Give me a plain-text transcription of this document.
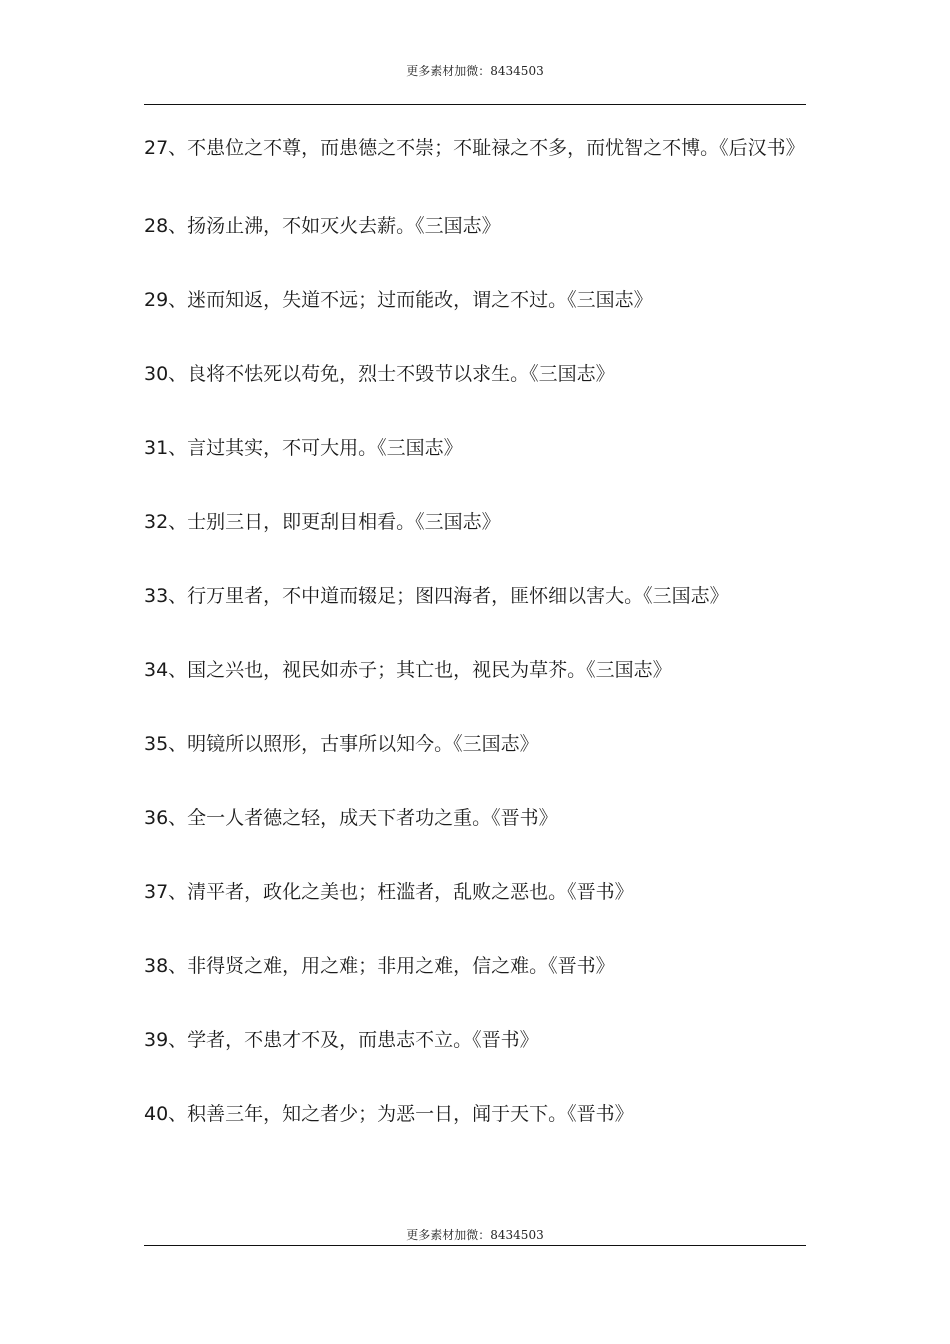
更多素材加微：8434503
27、不患位之不尊，而患德之不崇；不耻禄之不多，而忧智之不博。《后汉书》
28、扬汤止沸，不如灭火去薪。《三国志》
29、迷而知返，失道不远；过而能改，谓之不过。《三国志》
30、良将不怯死以苟免，烈士不毁节以求生。《三国志》
31、言过其实，不可大用。《三国志》
32、士别三日，即更刮目相看。《三国志》
33、行万里者，不中道而辍足；图四海者，匪怀细以害大。《三国志》
34、国之兴也，视民如赤子；其亡也，视民为草芥。《三国志》
35、明镜所以照形，古事所以知今。《三国志》
36、全一人者德之轻，成天下者功之重。《晋书》
37、清平者，政化之美也；枉滥者，乱败之恶也。《晋书》
38、非得贤之难，用之难；非用之难，信之难。《晋书》
39、学者，不患才不及，而患志不立。《晋书》
40、积善三年，知之者少；为恶一日，闻于天下。《晋书》
更多素材加微：8434503
